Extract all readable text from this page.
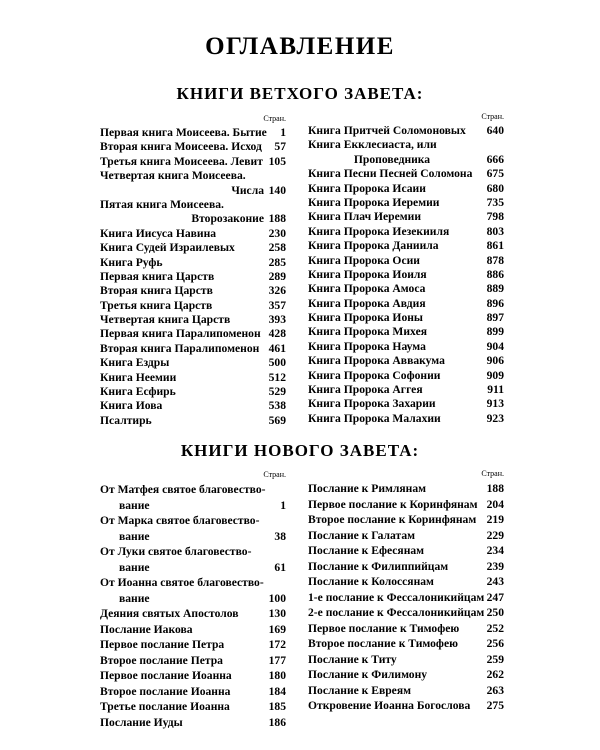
ОГЛАВЛЕНИЕ
КНИГИ ВЕТХОГО ЗАВЕТА:
Стран.
Первая книга Моисеева. Бытие 1
Вторая книга Моисеева. Исход 57
Третья книга Моисеева. Левит 105
Четвертая книга Моисеева.
Числа 140
Пятая книга Моисеева.
Второзаконие 188
Книга Иисуса Навина	230
Книга Судей Израилевых	258
Книга Руфь	285
Первая книга Царств	289
Вторая книга Царств	326
Третья книга Царств	357
Четвертая книга Царств	393
Первая книга Паралипоменон 428
Вторая книга Паралипоменон 461
Книга Ездры	500
Книга Неемии	512
Книга Есфирь	529
Книга Иова	538
Псалтирь	569
Стран.
Книга Притчей Соломоновых 640
Книга Екклесиаста, или
Проповедника	666
Книга Песни Песней Соломона 675
Книга Пророка Исаии	680
Книга Пророка Иеремии	735
Книга Плач Иеремии	798
Книга Пророка Иезекииля	803
Книга Пророка Даниила	861
Книга Пророка Осии	878
Книга Пророка Иоиля	886
Книга Пророка Амоса	889
Книга Пророка Авдия	896
Книга Пророка Ионы	897
Книга Пророка Михея	899
Книга Пророка Наума	904
Книга Пророка Аввакума	906
Книга Пророка Софонии	909
Книга Пророка Аггея	911
Книга Пророка Захарии	913
Книга Пророка Малахии	923
КНИГИ НОВОГО ЗАВЕТА:
Стран.
От Матфея святое благовество-
вание	1
От Марка святое благовество-
вание	38
От Луки святое благовество-
вание	61
От Иоанна святое благовество-
вание	100
Деяния святых Апостолов	130
Послание Иакова	169
Первое послание Петра	172
Второе послание Петра	177
Первое послание Иоанна	180
Второе послание Иоанна	184
Третье послание Иоанна	185
Послание Иуды	186
Стран.
Послание к Римлянам	188
Первое послание к Коринфянам 204
Второе послание к Коринфянам 219
Послание к Галатам	229
Послание к Ефесянам	234
Послание к Филиппийцам	239
Послание к Колоссянам	243
1-е послание к Фессалоникийцам 247
2-е послание к Фессалоникийцам 250
Первое послание к Тимофею 252
Второе послание к Тимофею 256
Послание к Титу	259
Послание к Филимону	262
Послание к Евреям	263
Откровение Иоанна Богослова 275
